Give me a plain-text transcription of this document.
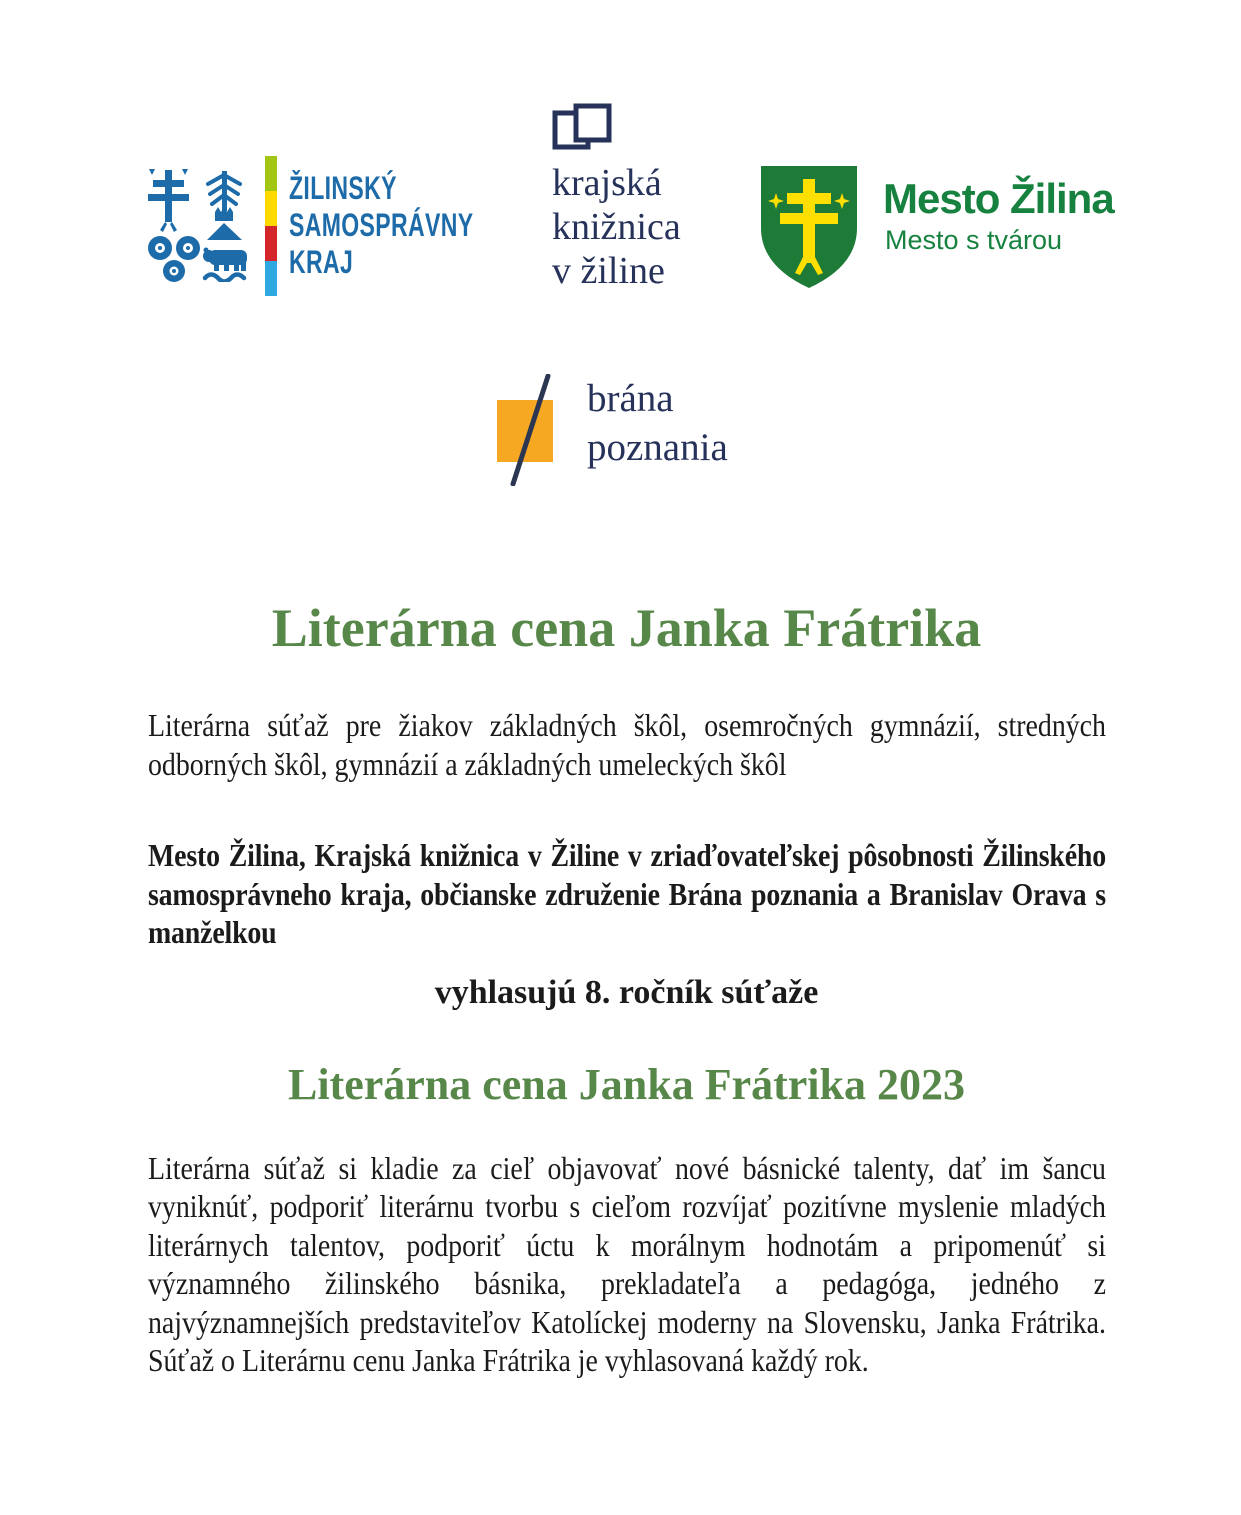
ŽILINSKÝ
SAMOSPRÁVNY
KRAJ
krajská
knižnica
v žiline
Mesto Žilina
Mesto s tvárou
brána
poznania
Literárna cena Janka Frátrika

Literárna súťaž pre žiakov základných škôl, osemročných gymnázií, stredných odborných škôl, gymnázií a základných umeleckých škôl

Mesto Žilina, Krajská knižnica v Žiline v zriaďovateľskej pôsobnosti Žilinského samosprávneho kraja, občianske združenie Brána poznania a Branislav Orava s manželkou

vyhlasujú 8. ročník súťaže

Literárna cena Janka Frátrika 2023

Literárna súťaž si kladie za cieľ objavovať nové básnické talenty, dať im šancu vyniknúť, podporiť literárnu tvorbu s cieľom rozvíjať pozitívne myslenie mladých literárnych talentov, podporiť úctu k morálnym hodnotám a pripomenúť si významného žilinského básnika, prekladateľa a pedagóga, jedného z najvýznamnejších predstaviteľov Katolíckej moderny na Slovensku, Janka Frátrika. Súťaž o Literárnu cenu Janka Frátrika je vyhlasovaná každý rok.
